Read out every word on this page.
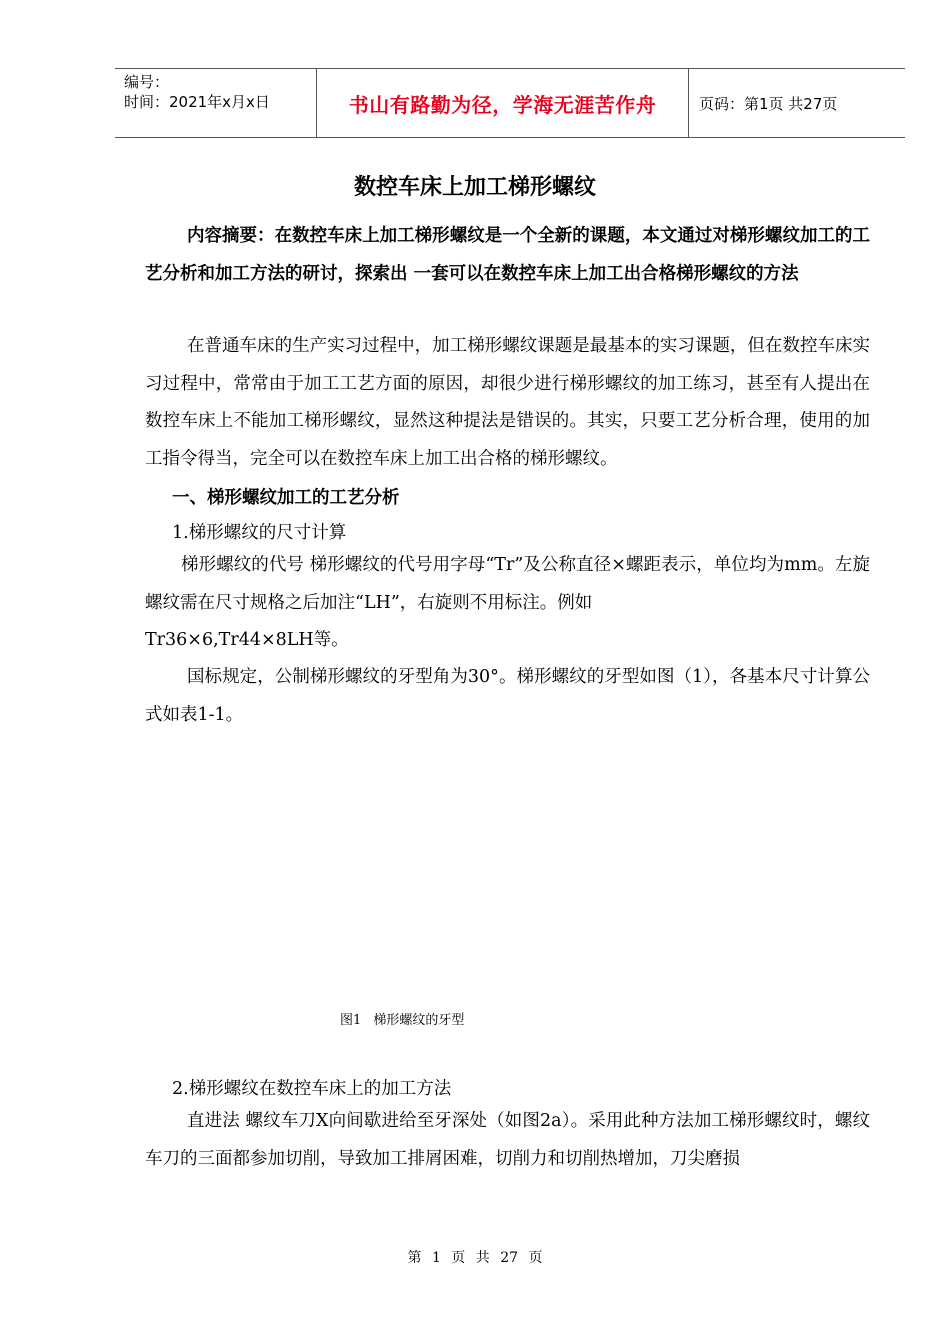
编号：
时间：2021年x月x日	书山有路勤为径，学海无涯苦作舟	页码：第1页 共27页
数控车床上加工梯形螺纹
内容摘要：在数控车床上加工梯形螺纹是一个全新的课题，本文通过对梯形螺纹加工的工艺分析和加工方法的研讨，探索出 一套可以在数控车床上加工出合格梯形螺纹的方法
在普通车床的生产实习过程中，加工梯形螺纹课题是最基本的实习课题，但在数控车床实习过程中，常常由于加工工艺方面的原因，却很少进行梯形螺纹的加工练习，甚至有人提出在数控车床上不能加工梯形螺纹，显然这种提法是错误的。其实，只要工艺分析合理，使用的加工指令得当，完全可以在数控车床上加工出合格的梯形螺纹。
一、梯形螺纹加工的工艺分析
1.梯形螺纹的尺寸计算
梯形螺纹的代号 梯形螺纹的代号用字母“Tr”及公称直径×螺距表示，单位均为mm。左旋螺纹需在尺寸规格之后加注“LH”，右旋则不用标注。例如
Tr36×6,Tr44×8LH等。
国标规定，公制梯形螺纹的牙型角为30°。梯形螺纹的牙型如图（1），各基本尺寸计算公式如表1-1。
图1 梯形螺纹的牙型
2.梯形螺纹在数控车床上的加工方法
直进法 螺纹车刀X向间歇进给至牙深处（如图2a）。采用此种方法加工梯形螺纹时，螺纹车刀的三面都参加切削，导致加工排屑困难，切削力和切削热增加，刀尖磨损
第 1 页 共 27 页
